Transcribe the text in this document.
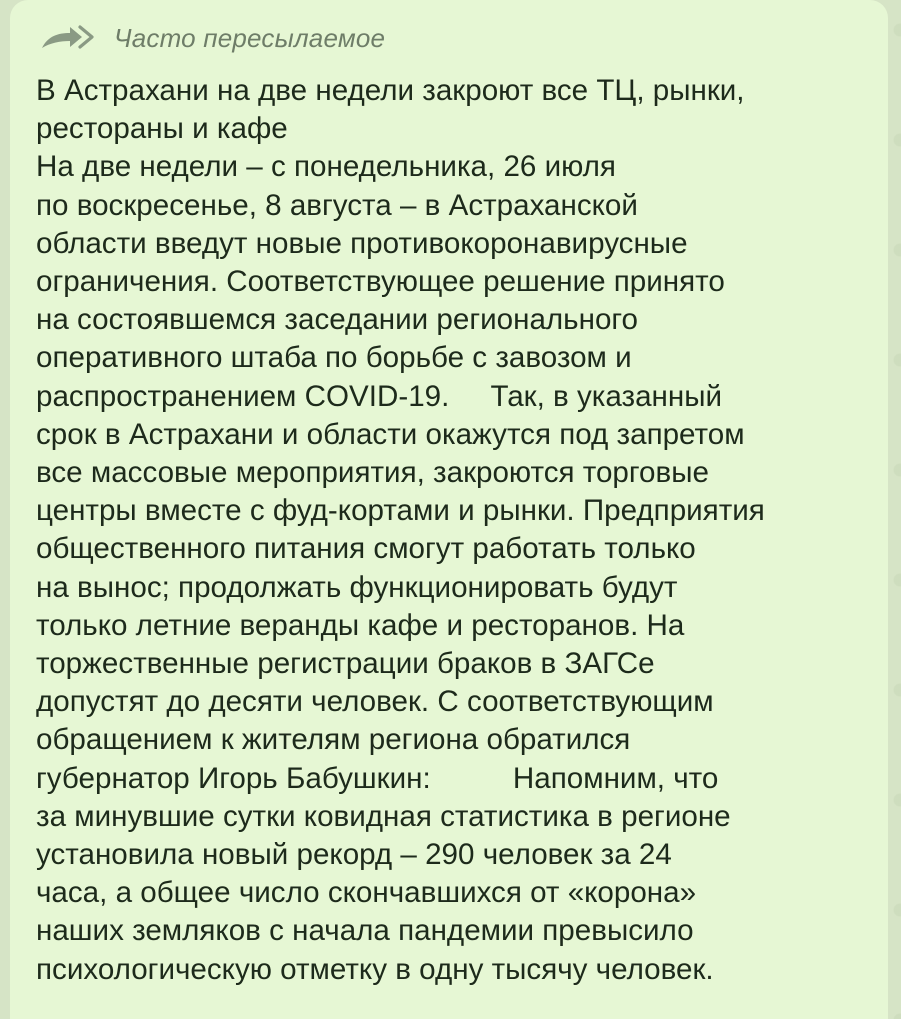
Часто пересылаемое
В Астрахани на две недели закроют все ТЦ, рынки,
рестораны и кафе
На две недели – с понедельника, 26 июля
по воскресенье, 8 августа – в Астраханской
области введут новые противокоронавирусные
ограничения. Соответствующее решение принято
на состоявшемся заседании регионального
оперативного штаба по борьбе с завозом и
распространением COVID-19.     Так, в указанный
срок в Астрахани и области окажутся под запретом
все массовые мероприятия, закроются торговые
центры вместе с фуд-кортами и рынки. Предприятия
общественного питания смогут работать только
на вынос; продолжать функционировать будут
только летние веранды кафе и ресторанов. На
торжественные регистрации браков в ЗАГСе
допустят до десяти человек. С соответствующим
обращением к жителям региона обратился
губернатор Игорь Бабушкин:          Напомним, что
за минувшие сутки ковидная статистика в регионе
установила новый рекорд – 290 человек за 24
часа, а общее число скончавшихся от «корона»
наших земляков с начала пандемии превысило
психологическую отметку в одну тысячу человек.
